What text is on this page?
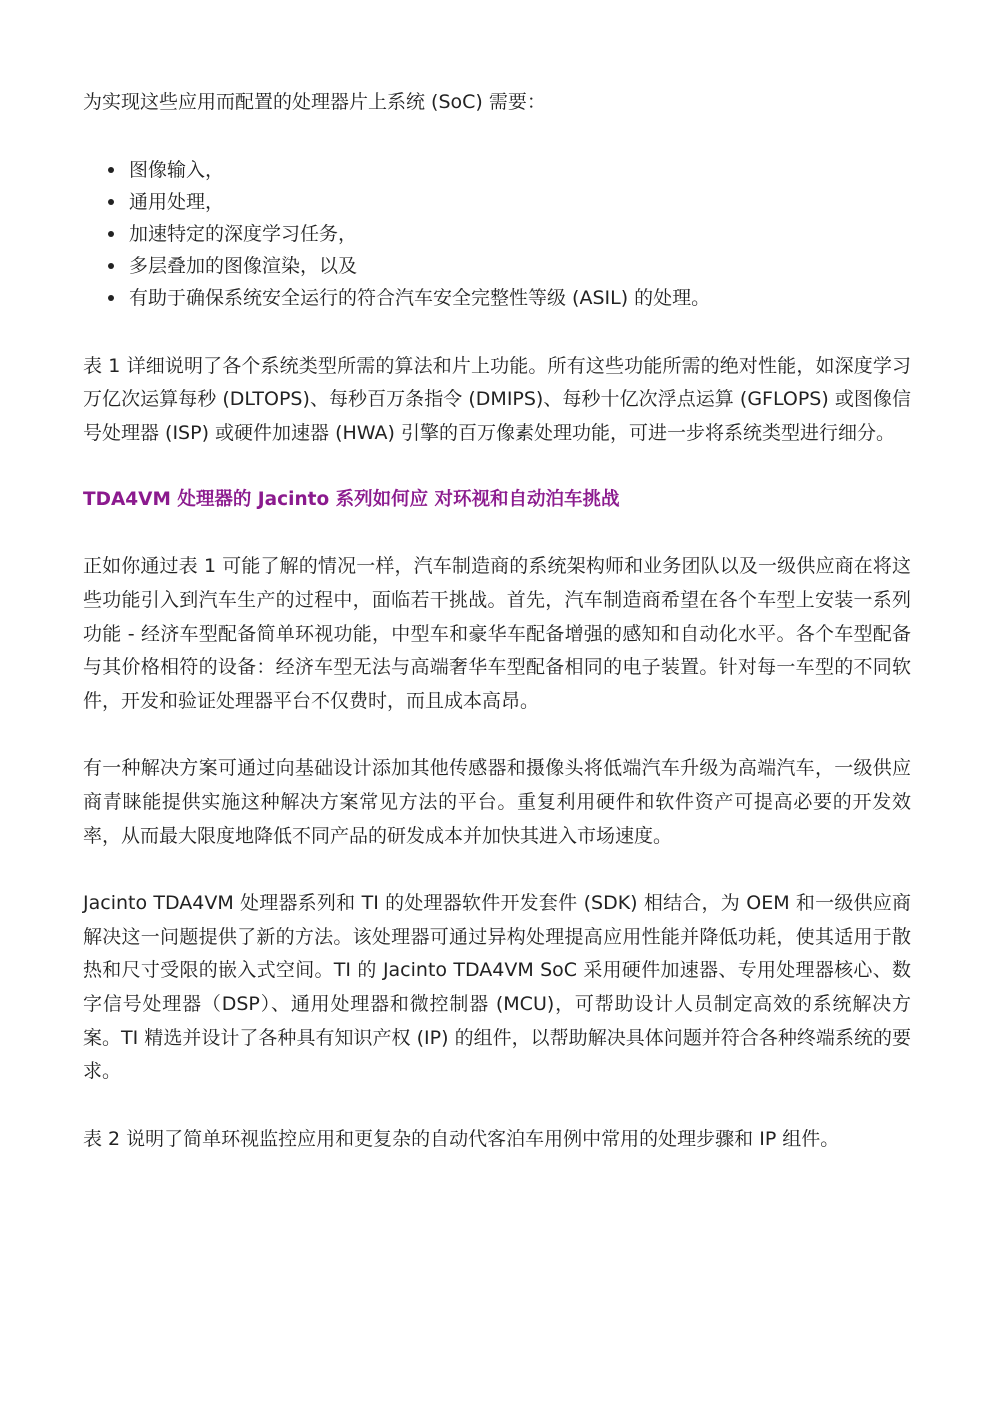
为实现这些应用而配置的处理器片上系统 (SoC) 需要：

图像输入，
通用处理，
加速特定的深度学习任务，
多层叠加的图像渲染，以及
有助于确保系统安全运行的符合汽车安全完整性等级 (ASIL) 的处理。

表 1 详细说明了各个系统类型所需的算法和片上功能。所有这些功能所需的绝对性能，如深度学习万亿次运算每秒 (DLTOPS)、每秒百万条指令 (DMIPS)、每秒十亿次浮点运算 (GFLOPS) 或图像信号处理器 (ISP) 或硬件加速器 (HWA) 引擎的百万像素处理功能，可进一步将系统类型进行细分。

TDA4VM 处理器的 Jacinto 系列如何应 对环视和自动泊车挑战

正如你通过表 1 可能了解的情况一样，汽车制造商的系统架构师和业务团队以及一级供应商在将这些功能引入到汽车生产的过程中，面临若干挑战。首先，汽车制造商希望在各个车型上安装一系列功能 - 经济车型配备简单环视功能，中型车和豪华车配备增强的感知和自动化水平。各个车型配备与其价格相符的设备：经济车型无法与高端奢华车型配备相同的电子装置。针对每一车型的不同软件，开发和验证处理器平台不仅费时，而且成本高昂。

有一种解决方案可通过向基础设计添加其他传感器和摄像头将低端汽车升级为高端汽车，一级供应商青睐能提供实施这种解决方案常见方法的平台。重复利用硬件和软件资产可提高必要的开发效率，从而最大限度地降低不同产品的研发成本并加快其进入市场速度。

Jacinto TDA4VM 处理器系列和 TI 的处理器软件开发套件 (SDK) 相结合，为 OEM 和一级供应商解决这一问题提供了新的方法。该处理器可通过异构处理提高应用性能并降低功耗，使其适用于散热和尺寸受限的嵌入式空间。TI 的 Jacinto TDA4VM SoC 采用硬件加速器、专用处理器核心、数字信号处理器（DSP）、通用处理器和微控制器 (MCU)，可帮助设计人员制定高效的系统解决方案。TI 精选并设计了各种具有知识产权 (IP) 的组件，以帮助解决具体问题并符合各种终端系统的要求。

表 2 说明了简单环视监控应用和更复杂的自动代客泊车用例中常用的处理步骤和 IP 组件。
